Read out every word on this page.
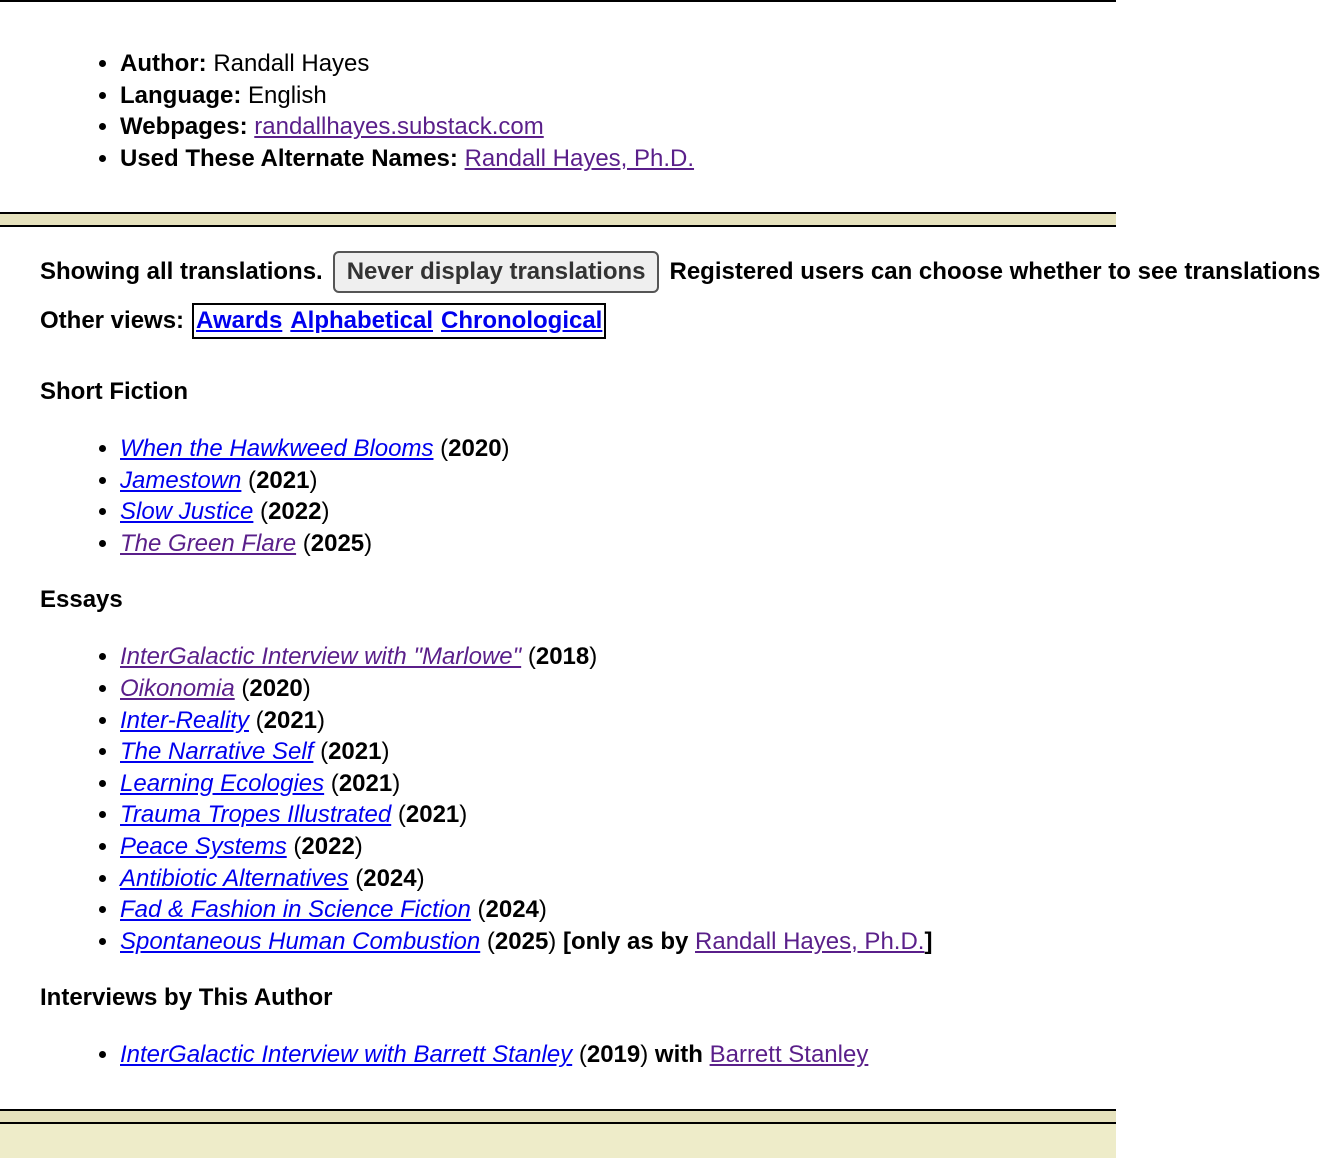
• Author: Randall Hayes
• Language: English
• Webpages: randallhayes.substack.com
• Used These Alternate Names: Randall Hayes, Ph.D.
Showing all translations.	Never display translations	Registered users can choose whether to see translations
Other views: Awards Alphabetical Chronological
Short Fiction
• When the Hawkweed Blooms (2020)
• Jamestown (2021)
• Slow Justice (2022)
• The Green Flare (2025)
Essays
• InterGalactic Interview with "Marlowe" (2018)
• Oikonomia (2020)
• Inter-Reality (2021)
• The Narrative Self (2021)
• Learning Ecologies (2021)
• Trauma Tropes Illustrated (2021)
• Peace Systems (2022)
• Antibiotic Alternatives (2024)
• Fad & Fashion in Science Fiction (2024)
• Spontaneous Human Combustion (2025) [only as by Randall Hayes, Ph.D.]
Interviews by This Author
• InterGalactic Interview with Barrett Stanley (2019) with Barrett Stanley
